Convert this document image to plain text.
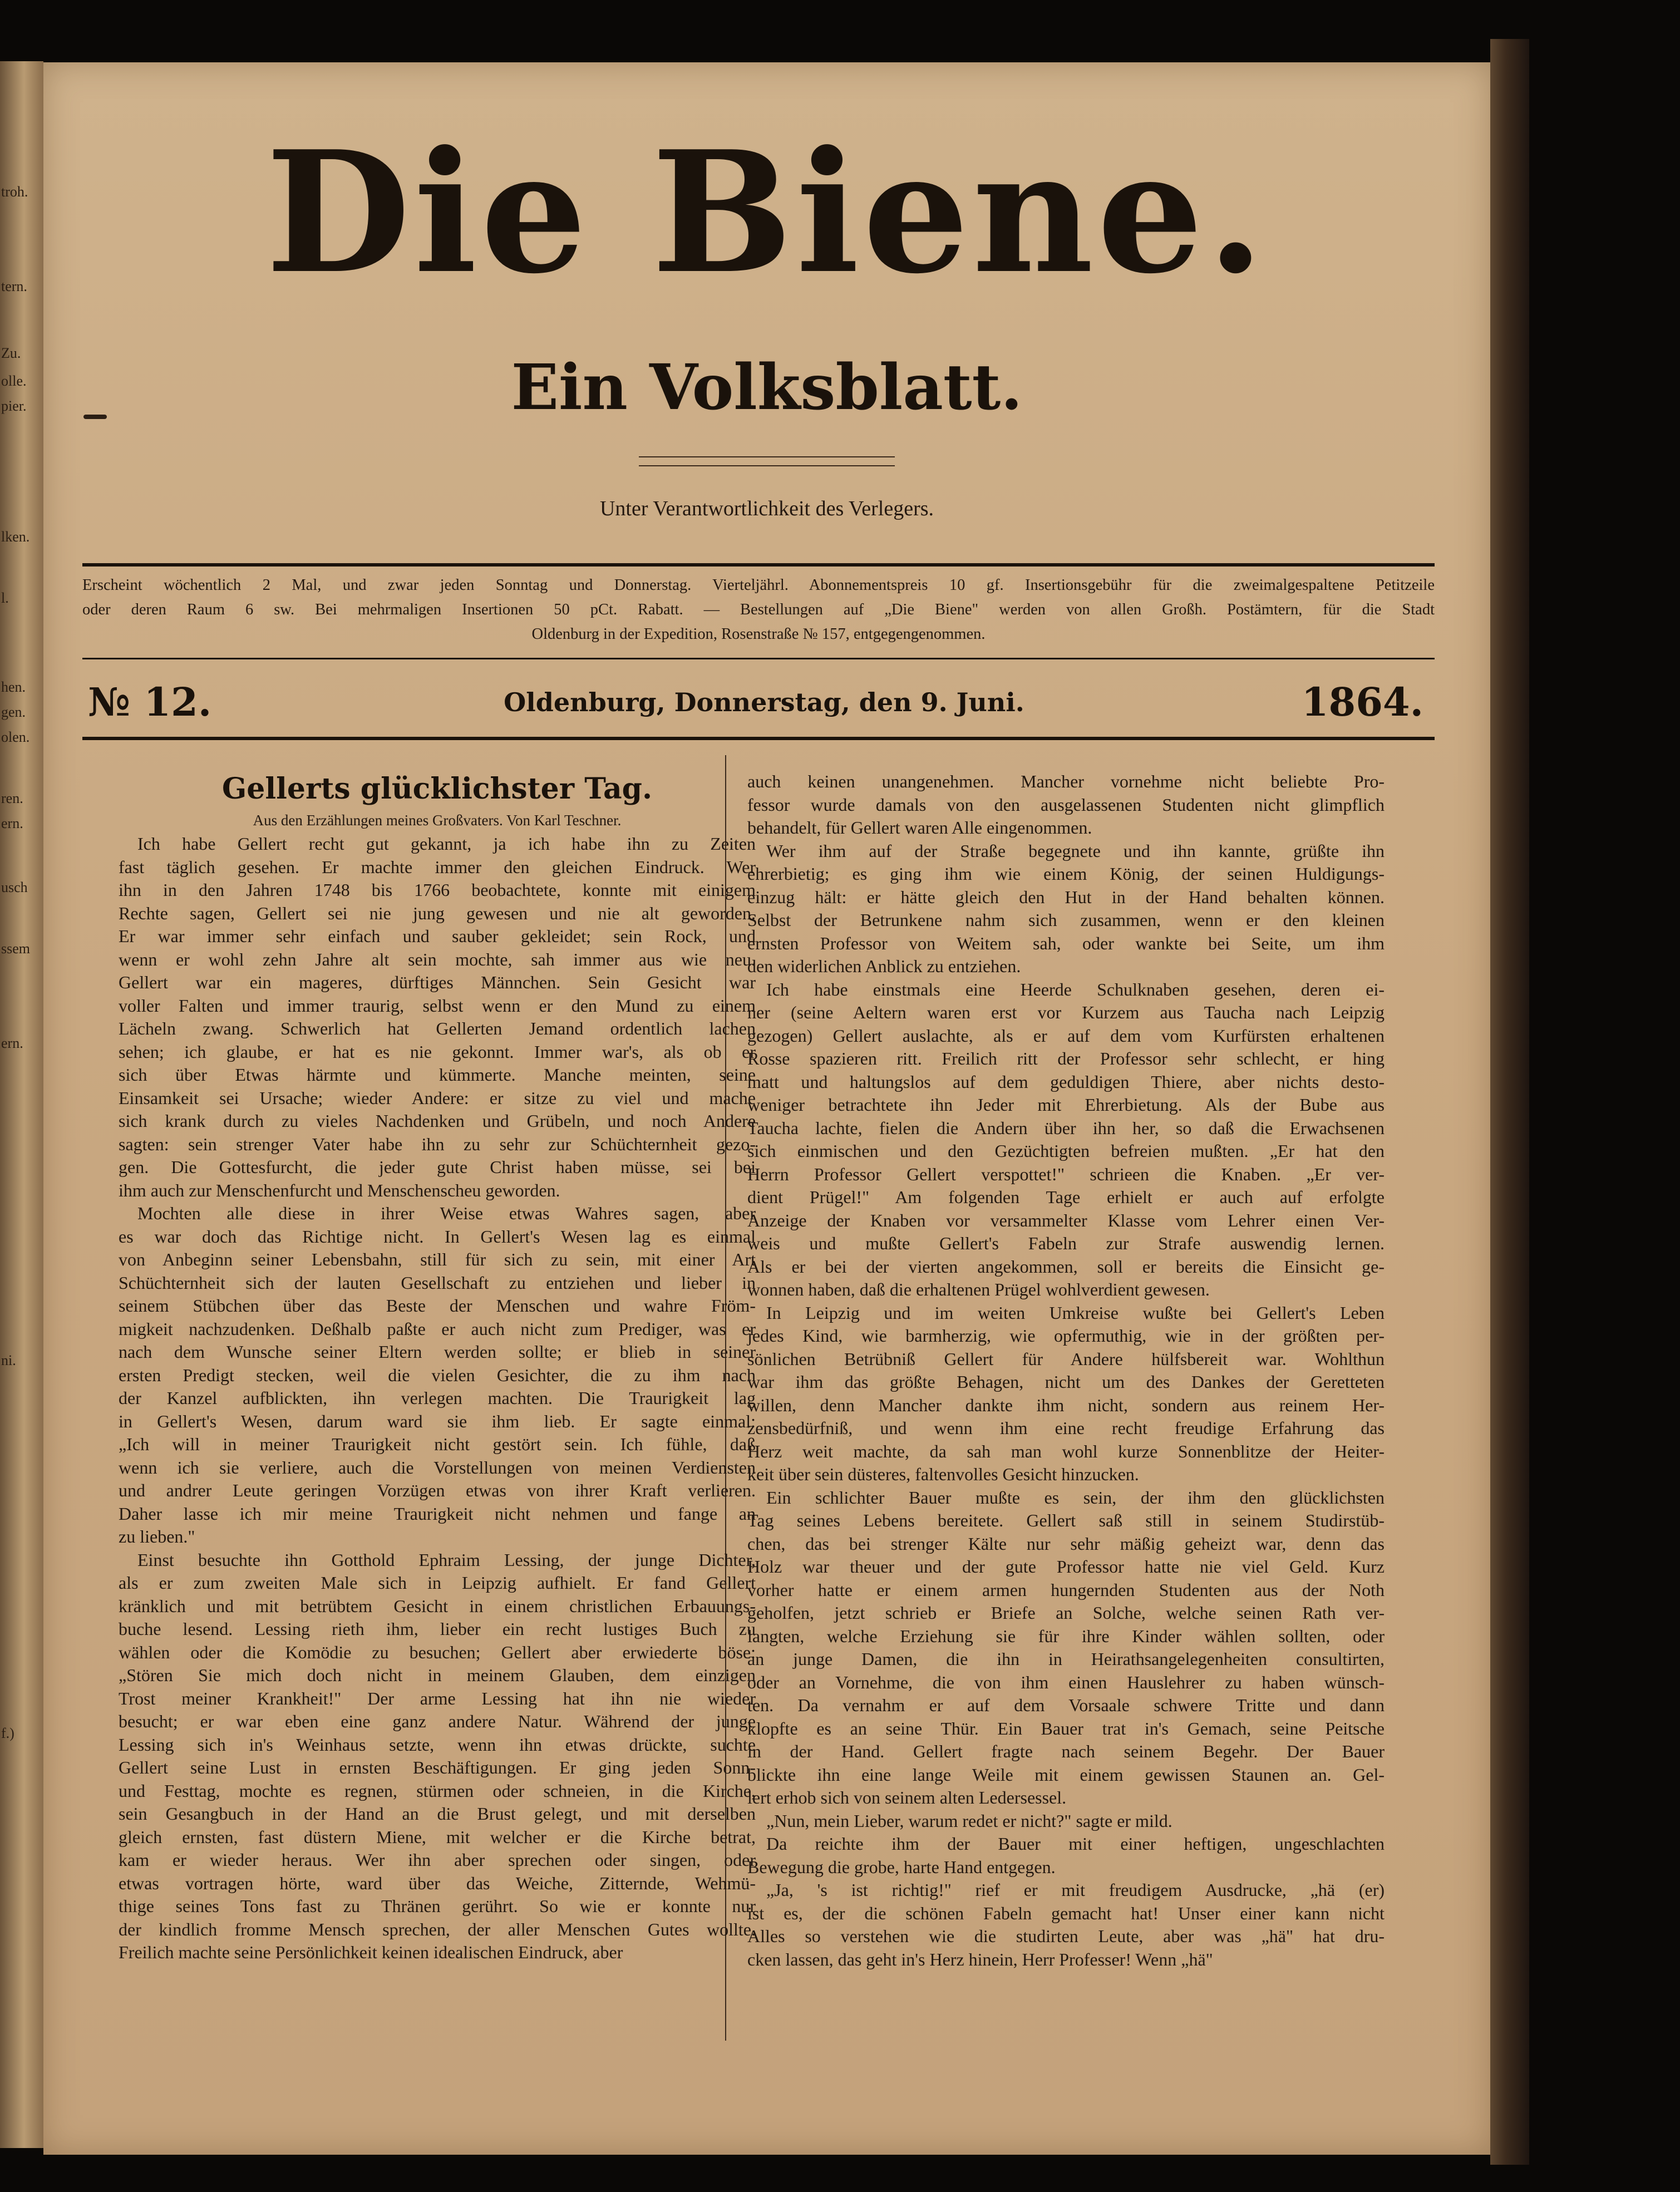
troh.
tern.
Zu.
olle.
pier.
lken.
l.
hen.
gen.
olen.
ren.
ern.
usch
ssem
ern.
ni.
f.)
Die Biene.
Ein Volksblatt.
Unter Verantwortlichkeit des Verlegers.
Erscheint wöchentlich 2 Mal, und zwar jeden Sonntag und Donnerstag. Vierteljährl. Abonnementspreis 10 gf. Insertionsgebühr für die zweimalgespaltene Petitzeile
oder deren Raum 6 sw. Bei mehrmaligen Insertionen 50 pCt. Rabatt. — Bestellungen auf „Die Biene" werden von allen Großh. Postämtern, für die Stadt
Oldenburg in der Expedition, Rosenstraße № 157, entgegengenommen.
№ 12.	Oldenburg, Donnerstag, den 9. Juni.	1864.
Gellerts glücklichster Tag.
Aus den Erzählungen meines Großvaters. Von Karl Teschner.
Ich habe Gellert recht gut gekannt, ja ich habe ihn zu Zeiten
fast täglich gesehen. Er machte immer den gleichen Eindruck. Wer
ihn in den Jahren 1748 bis 1766 beobachtete, konnte mit einigem
Rechte sagen, Gellert sei nie jung gewesen und nie alt geworden.
Er war immer sehr einfach und sauber gekleidet; sein Rock, und
wenn er wohl zehn Jahre alt sein mochte, sah immer aus wie neu.
Gellert war ein mageres, dürftiges Männchen. Sein Gesicht war
voller Falten und immer traurig, selbst wenn er den Mund zu einem
Lächeln zwang. Schwerlich hat Gellerten Jemand ordentlich lachen
sehen; ich glaube, er hat es nie gekonnt. Immer war's, als ob er
sich über Etwas härmte und kümmerte. Manche meinten, seine
Einsamkeit sei Ursache; wieder Andere: er sitze zu viel und mache
sich krank durch zu vieles Nachdenken und Grübeln, und noch Andere
sagten: sein strenger Vater habe ihn zu sehr zur Schüchternheit gezo-
gen. Die Gottesfurcht, die jeder gute Christ haben müsse, sei bei
ihm auch zur Menschenfurcht und Menschenscheu geworden.
Mochten alle diese in ihrer Weise etwas Wahres sagen, aber
es war doch das Richtige nicht. In Gellert's Wesen lag es einmal
von Anbeginn seiner Lebensbahn, still für sich zu sein, mit einer Art
Schüchternheit sich der lauten Gesellschaft zu entziehen und lieber in
seinem Stübchen über das Beste der Menschen und wahre Fröm-
migkeit nachzudenken. Deßhalb paßte er auch nicht zum Prediger, was er
nach dem Wunsche seiner Eltern werden sollte; er blieb in seiner
ersten Predigt stecken, weil die vielen Gesichter, die zu ihm nach
der Kanzel aufblickten, ihn verlegen machten. Die Traurigkeit lag
in Gellert's Wesen, darum ward sie ihm lieb. Er sagte einmal:
„Ich will in meiner Traurigkeit nicht gestört sein. Ich fühle, daß
wenn ich sie verliere, auch die Vorstellungen von meinen Verdiensten
und andrer Leute geringen Vorzügen etwas von ihrer Kraft verlieren.
Daher lasse ich mir meine Traurigkeit nicht nehmen und fange an
zu lieben."
Einst besuchte ihn Gotthold Ephraim Lessing, der junge Dichter,
als er zum zweiten Male sich in Leipzig aufhielt. Er fand Gellert
kränklich und mit betrübtem Gesicht in einem christlichen Erbauungs-
buche lesend. Lessing rieth ihm, lieber ein recht lustiges Buch zu
wählen oder die Komödie zu besuchen; Gellert aber erwiederte böse:
„Stören Sie mich doch nicht in meinem Glauben, dem einzigen
Trost meiner Krankheit!" Der arme Lessing hat ihn nie wieder
besucht; er war eben eine ganz andere Natur. Während der junge
Lessing sich in's Weinhaus setzte, wenn ihn etwas drückte, suchte
Gellert seine Lust in ernsten Beschäftigungen. Er ging jeden Sonn-
und Festtag, mochte es regnen, stürmen oder schneien, in die Kirche,
sein Gesangbuch in der Hand an die Brust gelegt, und mit derselben
gleich ernsten, fast düstern Miene, mit welcher er die Kirche betrat,
kam er wieder heraus. Wer ihn aber sprechen oder singen, oder
etwas vortragen hörte, ward über das Weiche, Zitternde, Wehmü-
thige seines Tons fast zu Thränen gerührt. So wie er konnte nur
der kindlich fromme Mensch sprechen, der aller Menschen Gutes wollte.
Freilich machte seine Persönlichkeit keinen idealischen Eindruck, aber
auch keinen unangenehmen. Mancher vornehme nicht beliebte Pro-
fessor wurde damals von den ausgelassenen Studenten nicht glimpflich
behandelt, für Gellert waren Alle eingenommen.
Wer ihm auf der Straße begegnete und ihn kannte, grüßte ihn
ehrerbietig; es ging ihm wie einem König, der seinen Huldigungs-
einzug hält: er hätte gleich den Hut in der Hand behalten können.
Selbst der Betrunkene nahm sich zusammen, wenn er den kleinen
ernsten Professor von Weitem sah, oder wankte bei Seite, um ihm
den widerlichen Anblick zu entziehen.
Ich habe einstmals eine Heerde Schulknaben gesehen, deren ei-
ner (seine Aeltern waren erst vor Kurzem aus Taucha nach Leipzig
gezogen) Gellert auslachte, als er auf dem vom Kurfürsten erhaltenen
Rosse spazieren ritt. Freilich ritt der Professor sehr schlecht, er hing
matt und haltungslos auf dem geduldigen Thiere, aber nichts desto-
weniger betrachtete ihn Jeder mit Ehrerbietung. Als der Bube aus
Taucha lachte, fielen die Andern über ihn her, so daß die Erwachsenen
sich einmischen und den Gezüchtigten befreien mußten. „Er hat den
Herrn Professor Gellert verspottet!" schrieen die Knaben. „Er ver-
dient Prügel!" Am folgenden Tage erhielt er auch auf erfolgte
Anzeige der Knaben vor versammelter Klasse vom Lehrer einen Ver-
weis und mußte Gellert's Fabeln zur Strafe auswendig lernen.
Als er bei der vierten angekommen, soll er bereits die Einsicht ge-
wonnen haben, daß die erhaltenen Prügel wohlverdient gewesen.
In Leipzig und im weiten Umkreise wußte bei Gellert's Leben
jedes Kind, wie barmherzig, wie opfermuthig, wie in der größten per-
sönlichen Betrübniß Gellert für Andere hülfsbereit war. Wohlthun
war ihm das größte Behagen, nicht um des Dankes der Geretteten
willen, denn Mancher dankte ihm nicht, sondern aus reinem Her-
zensbedürfniß, und wenn ihm eine recht freudige Erfahrung das
Herz weit machte, da sah man wohl kurze Sonnenblitze der Heiter-
keit über sein düsteres, faltenvolles Gesicht hinzucken.
Ein schlichter Bauer mußte es sein, der ihm den glücklichsten
Tag seines Lebens bereitete. Gellert saß still in seinem Studirstüb-
chen, das bei strenger Kälte nur sehr mäßig geheizt war, denn das
Holz war theuer und der gute Professor hatte nie viel Geld. Kurz
vorher hatte er einem armen hungernden Studenten aus der Noth
geholfen, jetzt schrieb er Briefe an Solche, welche seinen Rath ver-
langten, welche Erziehung sie für ihre Kinder wählen sollten, oder
an junge Damen, die ihn in Heirathsangelegenheiten consultirten,
oder an Vornehme, die von ihm einen Hauslehrer zu haben wünsch-
ten. Da vernahm er auf dem Vorsaale schwere Tritte und dann
klopfte es an seine Thür. Ein Bauer trat in's Gemach, seine Peitsche
in der Hand. Gellert fragte nach seinem Begehr. Der Bauer
blickte ihn eine lange Weile mit einem gewissen Staunen an. Gel-
lert erhob sich von seinem alten Ledersessel.
„Nun, mein Lieber, warum redet er nicht?" sagte er mild.
Da reichte ihm der Bauer mit einer heftigen, ungeschlachten
Bewegung die grobe, harte Hand entgegen.
„Ja, 's ist richtig!" rief er mit freudigem Ausdrucke, „hä (er)
ist es, der die schönen Fabeln gemacht hat! Unser einer kann nicht
Alles so verstehen wie die studirten Leute, aber was „hä" hat dru-
cken lassen, das geht in's Herz hinein, Herr Professer! Wenn „hä"
